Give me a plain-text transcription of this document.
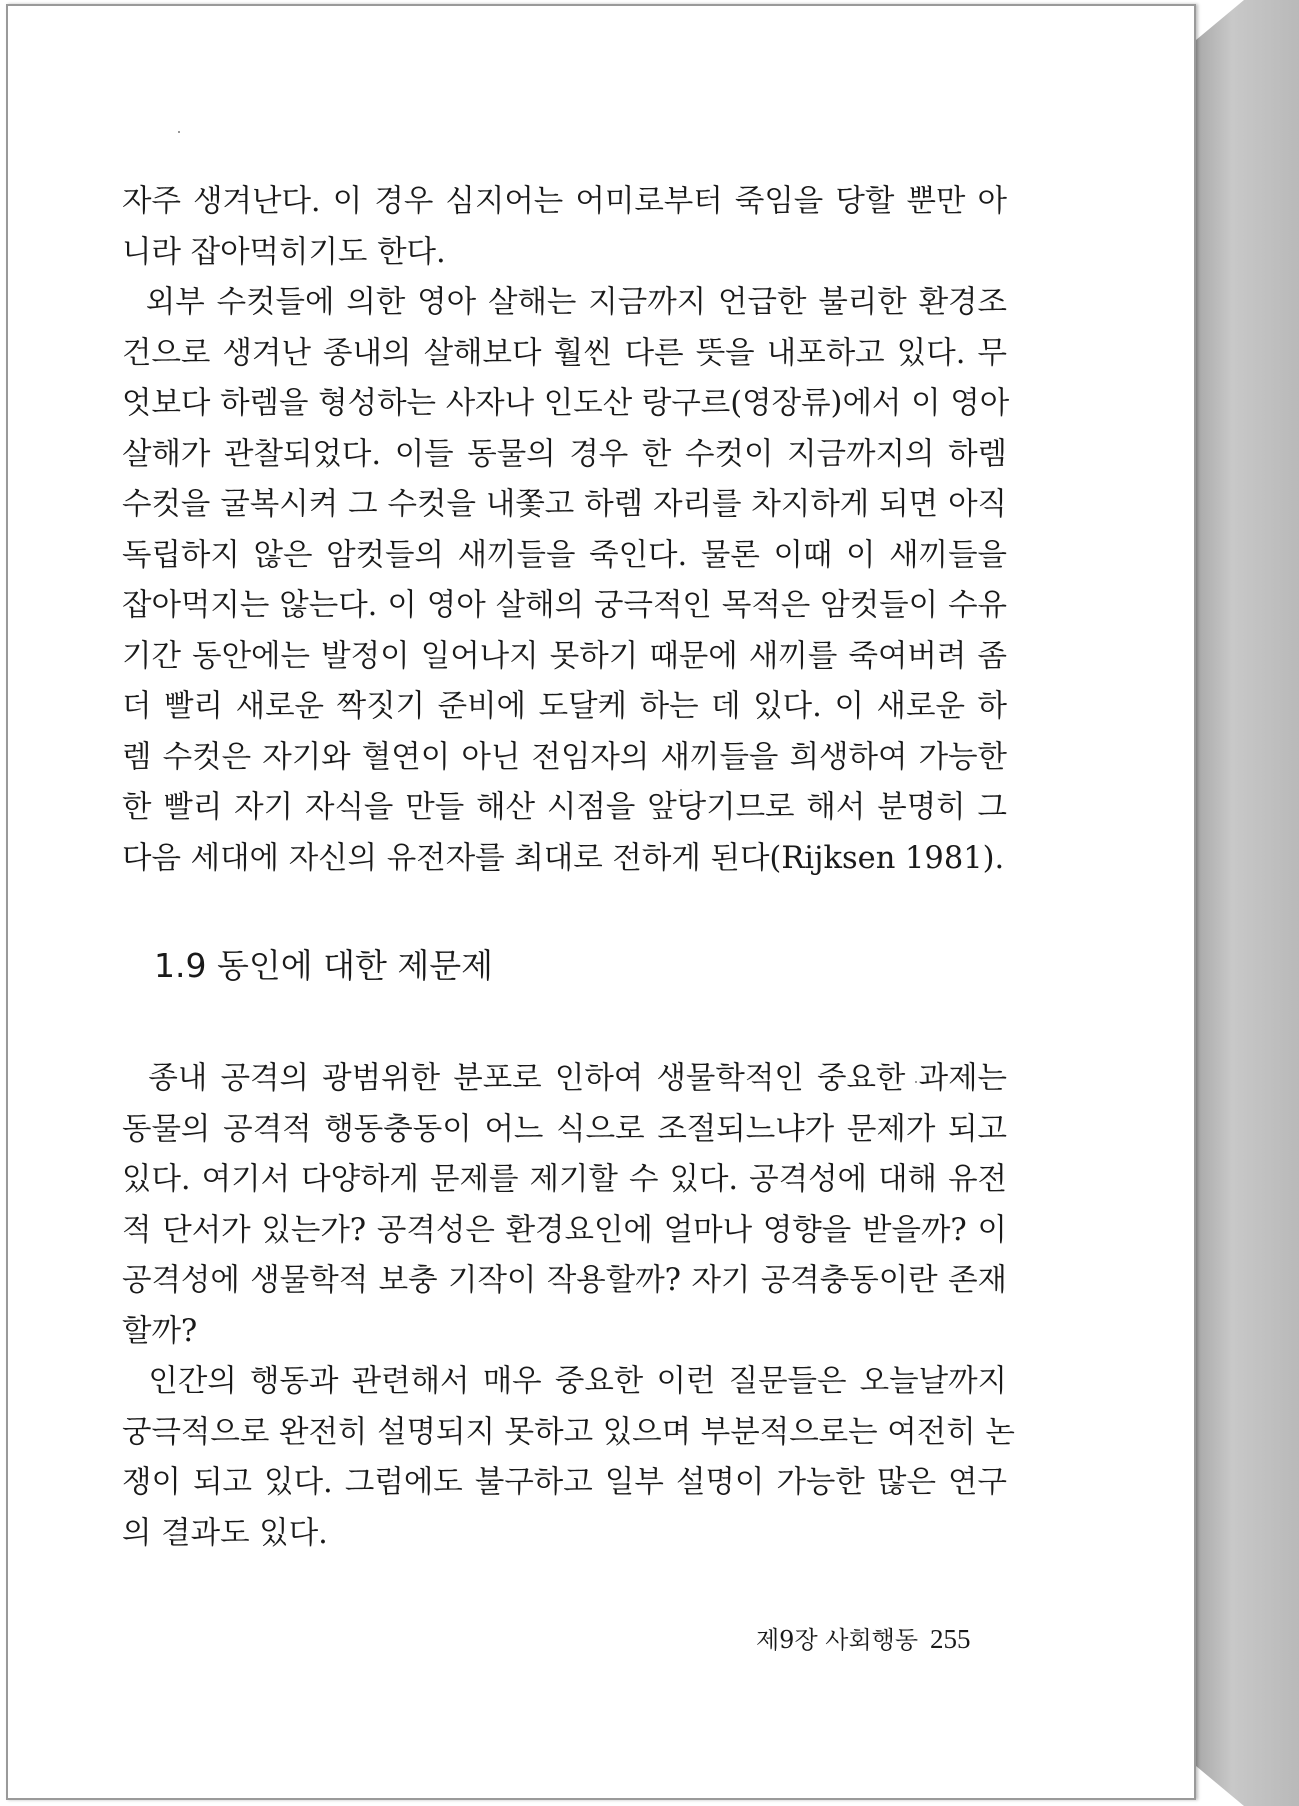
자주 생겨난다. 이 경우 심지어는 어미로부터 죽임을 당할 뿐만 아
니라 잡아먹히기도 한다.
외부 수컷들에 의한 영아 살해는 지금까지 언급한 불리한 환경조
건으로 생겨난 종내의 살해보다 훨씬 다른 뜻을 내포하고 있다. 무
엇보다 하렘을 형성하는 사자나 인도산 랑구르(영장류)에서 이 영아
살해가 관찰되었다. 이들 동물의 경우 한 수컷이 지금까지의 하렘
수컷을 굴복시켜 그 수컷을 내쫓고 하렘 자리를 차지하게 되면 아직
독립하지 않은 암컷들의 새끼들을 죽인다. 물론 이때 이 새끼들을
잡아먹지는 않는다. 이 영아 살해의 궁극적인 목적은 암컷들이 수유
기간 동안에는 발정이 일어나지 못하기 때문에 새끼를 죽여버려 좀
더 빨리 새로운 짝짓기 준비에 도달케 하는 데 있다. 이 새로운 하
렘 수컷은 자기와 혈연이 아닌 전임자의 새끼들을 희생하여 가능한
한 빨리 자기 자식을 만들 해산 시점을 앞당기므로 해서 분명히 그
다음 세대에 자신의 유전자를 최대로 전하게 된다(Rijksen 1981).
1.9 동인에 대한 제문제
종내 공격의 광범위한 분포로 인하여 생물학적인 중요한 과제는
동물의 공격적 행동충동이 어느 식으로 조절되느냐가 문제가 되고
있다. 여기서 다양하게 문제를 제기할 수 있다. 공격성에 대해 유전
적 단서가 있는가? 공격성은 환경요인에 얼마나 영향을 받을까? 이
공격성에 생물학적 보충 기작이 작용할까? 자기 공격충동이란 존재
할까?
인간의 행동과 관련해서 매우 중요한 이런 질문들은 오늘날까지
궁극적으로 완전히 설명되지 못하고 있으며 부분적으로는 여전히 논
쟁이 되고 있다. 그럼에도 불구하고 일부 설명이 가능한 많은 연구
의 결과도 있다.
제9장 사회행동 255
